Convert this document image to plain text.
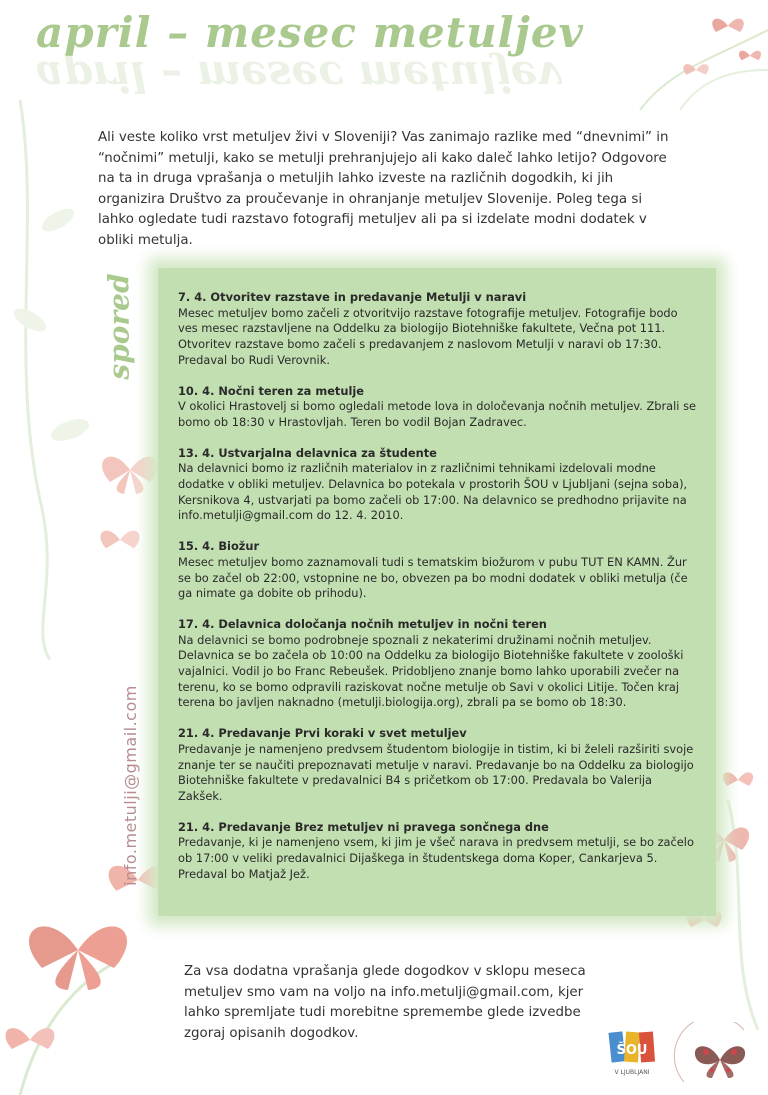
april – mesec metuljev
april – mesec metuljev
Ali veste koliko vrst metuljev živi v Sloveniji? Vas zanimajo razlike med “dnevnimi” in “nočnimi” metulji, kako se metulji prehranjujejo ali kako daleč lahko letijo? Odgovore na ta in druga vprašanja o metuljih lahko izveste na različnih dogodkih, ki jih organizira Društvo za proučevanje in ohranjanje metuljev Slovenije. Poleg tega si lahko ogledate tudi razstavo fotografij metuljev ali pa si izdelate modni dodatek v obliki metulja.
spored
info.metulji@gmail.com
7. 4. Otvoritev razstave in predavanje Metulji v naravi
Mesec metuljev bomo začeli z otvoritvijo razstave fotografije metuljev. Fotografije bodo ves mesec razstavljene na Oddelku za biologijo Biotehniške fakultete, Večna pot 111. Otvoritev razstave bomo začeli s predavanjem z naslovom Metulji v naravi ob 17:30. Predaval bo Rudi Verovnik.
10. 4. Nočni teren za metulje
V okolici Hrastovelj si bomo ogledali metode lova in določevanja nočnih metuljev. Zbrali se bomo ob 18:30 v Hrastovljah. Teren bo vodil Bojan Zadravec.
13. 4. Ustvarjalna delavnica za študente
Na delavnici bomo iz različnih materialov in z različnimi tehnikami izdelovali modne dodatke v obliki metuljev. Delavnica bo potekala v prostorih ŠOU v Ljubljani (sejna soba), Kersnikova 4, ustvarjati pa bomo začeli ob 17:00. Na delavnico se predhodno prijavite na info.metulji@gmail.com do 12. 4. 2010.
15. 4. Biožur
Mesec metuljev bomo zaznamovali tudi s tematskim biožurom v pubu TUT EN KAMN. Žur se bo začel ob 22:00, vstopnine ne bo, obvezen pa bo modni dodatek v obliki metulja (če ga nimate ga dobite ob prihodu).
17. 4. Delavnica določanja nočnih metuljev in nočni teren
Na delavnici se bomo podrobneje spoznali z nekaterimi družinami nočnih metuljev. Delavnica se bo začela ob 10:00 na Oddelku za biologijo Biotehniške fakultete v zoološki vajalnici. Vodil jo bo Franc Rebeušek. Pridobljeno znanje bomo lahko uporabili zvečer na terenu, ko se bomo odpravili raziskovat nočne metulje ob Savi v okolici Litije. Točen kraj terena bo javljen naknadno (metulji.biologija.org), zbrali pa se bomo ob 18:30.
21. 4. Predavanje Prvi koraki v svet metuljev
Predavanje je namenjeno predvsem študentom biologije in tistim, ki bi želeli razširiti svoje znanje ter se naučiti prepoznavati metulje v naravi. Predavanje bo na Oddelku za biologijo Biotehniške fakultete v predavalnici B4 s pričetkom ob 17:00. Predavala bo Valerija Zakšek.
21. 4. Predavanje Brez metuljev ni pravega sončnega dne
Predavanje, ki je namenjeno vsem, ki jim je všeč narava in predvsem metulji, se bo začelo ob 17:00 v veliki predavalnici Dijaškega in študentskega doma Koper, Cankarjeva 5. Predaval bo Matjaž Jež.
Za vsa dodatna vprašanja glede dogodkov v sklopu meseca metuljev smo vam na voljo na info.metulji@gmail.com, kjer lahko spremljate tudi morebitne spremembe glede izvedbe zgoraj opisanih dogodkov.
ŠOU
V LJUBLJANI
